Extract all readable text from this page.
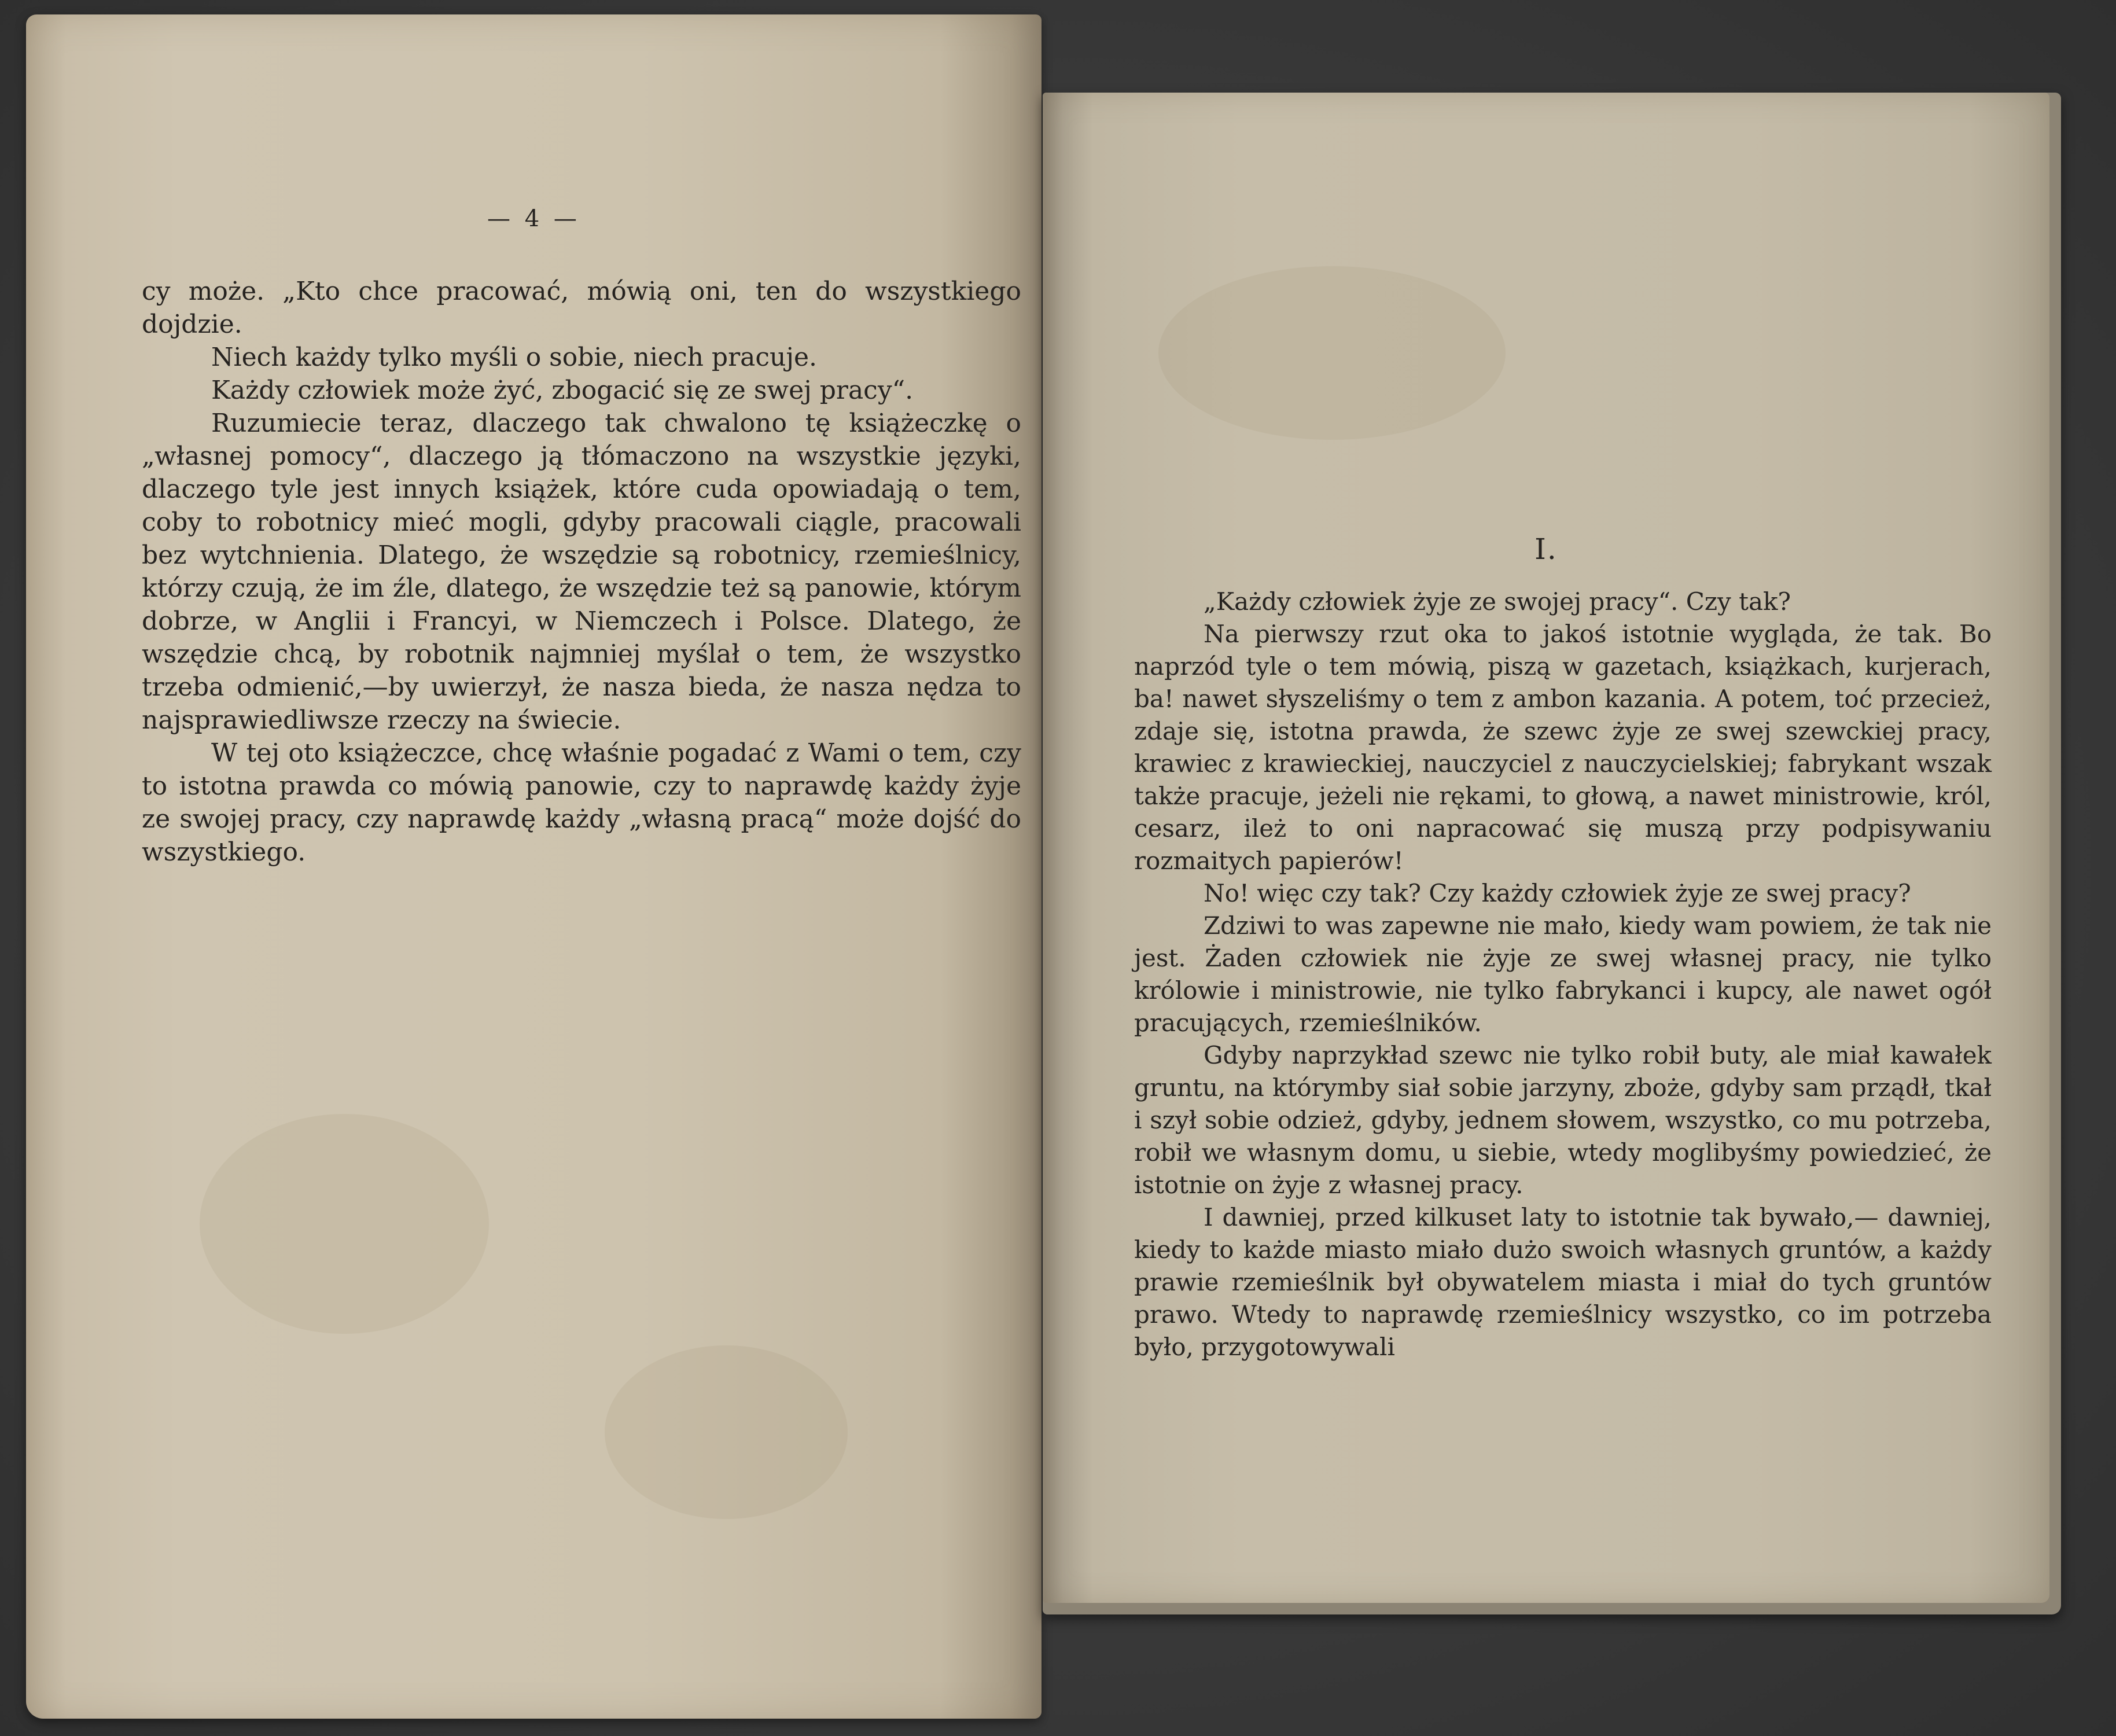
— 4 —

cy może. „Kto chce pracować, mówią oni, ten do wszystkiego dojdzie.

Niech każdy tylko myśli o sobie, niech pracuje.

Każdy człowiek może żyć, zbogacić się ze swej pracy“.

Ruzumiecie teraz, dlaczego tak chwalono tę książeczkę o „własnej pomocy“, dlaczego ją tłómaczono na wszystkie języki, dlaczego tyle jest innych książek, które cuda opowiadają o tem, coby to robotnicy mieć mogli, gdyby pracowali ciągle, pracowali bez wytchnienia. Dlatego, że wszędzie są robotnicy, rzemieślnicy, którzy czują, że im źle, dlatego, że wszędzie też są panowie, którym dobrze, w Anglii i Francyi, w Niemczech i Polsce. Dlatego, że wszędzie chcą, by robotnik najmniej myślał o tem, że wszystko trzeba odmienić,—by uwierzył, że nasza bieda, że nasza nędza to najsprawiedliwsze rzeczy na świecie.

W tej oto książeczce, chcę właśnie pogadać z Wami o tem, czy to istotna prawda co mówią panowie, czy to naprawdę każdy żyje ze swojej pracy, czy naprawdę każdy „własną pracą“ może dojść do wszystkiego.

I.

„Każdy człowiek żyje ze swojej pracy“. Czy tak?

Na pierwszy rzut oka to jakoś istotnie wygląda, że tak. Bo naprzód tyle o tem mówią, piszą w gazetach, książkach, kurjerach, ba! nawet słyszeliśmy o tem z ambon kazania. A potem, toć przecież, zdaje się, istotna prawda, że szewc żyje ze swej szewckiej pracy, krawiec z krawieckiej, nauczyciel z nauczycielskiej; fabrykant wszak także pracuje, jeżeli nie rękami, to głową, a nawet ministrowie, król, cesarz, ileż to oni napracować się muszą przy podpisywaniu rozmaitych papierów!

No! więc czy tak? Czy każdy człowiek żyje ze swej pracy?

Zdziwi to was zapewne nie mało, kiedy wam powiem, że tak nie jest. Żaden człowiek nie żyje ze swej własnej pracy, nie tylko królowie i ministrowie, nie tylko fabrykanci i kupcy, ale nawet ogół pracujących, rzemieślników.

Gdyby naprzykład szewc nie tylko robił buty, ale miał kawałek gruntu, na którymby siał sobie jarzyny, zboże, gdyby sam prządł, tkał i szył sobie odzież, gdyby, jednem słowem, wszystko, co mu potrzeba, robił we własnym domu, u siebie, wtedy moglibyśmy powiedzieć, że istotnie on żyje z własnej pracy.

I dawniej, przed kilkuset laty to istotnie tak bywało,— dawniej, kiedy to każde miasto miało dużo swoich własnych gruntów, a każdy prawie rzemieślnik był obywatelem miasta i miał do tych gruntów prawo. Wtedy to naprawdę rzemieślnicy wszystko, co im potrzeba było, przygotowywali
